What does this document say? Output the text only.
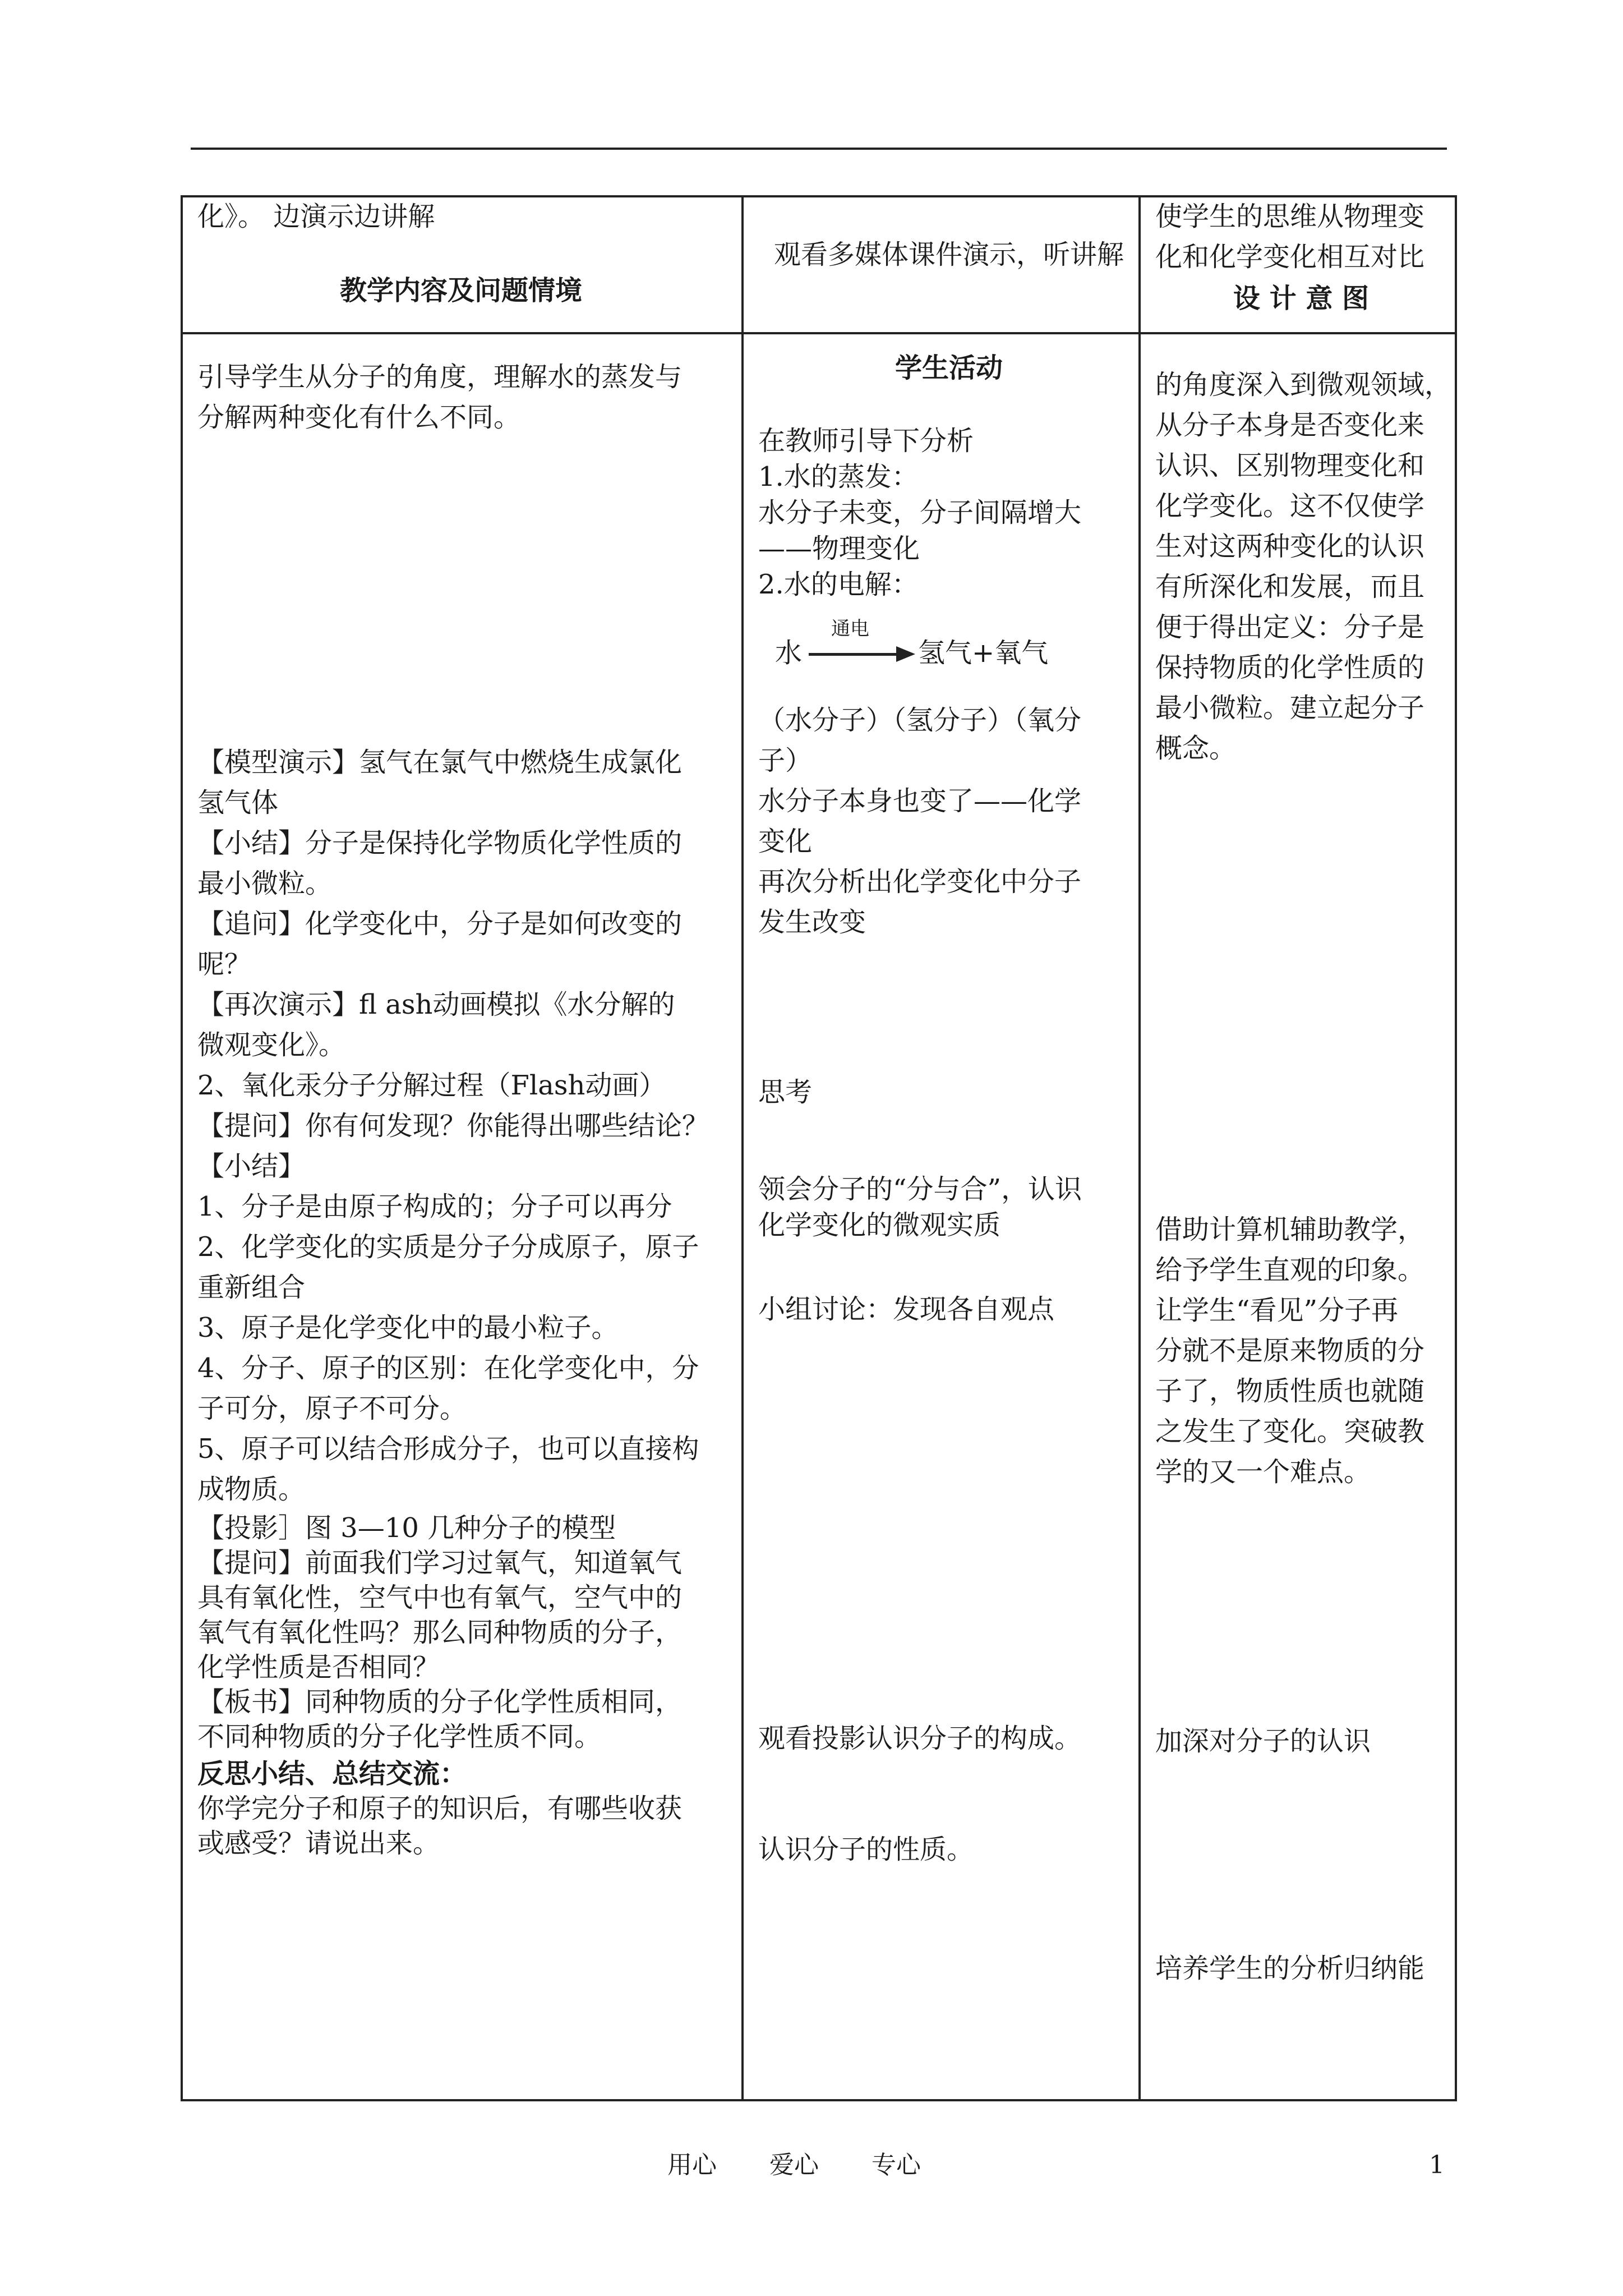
化》。 边演示边讲解
教学内容及问题情境
观看多媒体课件演示，听讲解
使学生的思维从物理变
化和化学变化相互对比
设 计 意 图
引导学生从分子的角度，理解水的蒸发与
分解两种变化有什么不同。
【模型演示】氢气在氯气中燃烧生成氯化
氢气体
【小结】分子是保持化学物质化学性质的
最小微粒。
【追问】化学变化中，分子是如何改变的
呢？
【再次演示】fl ash动画模拟《水分解的
微观变化》。
2、氧化汞分子分解过程（Flash动画）
【提问】你有何发现？你能得出哪些结论？
【小结】
1、分子是由原子构成的；分子可以再分
2、化学变化的实质是分子分成原子，原子
重新组合
3、原子是化学变化中的最小粒子。
4、分子、原子的区别：在化学变化中，分
子可分，原子不可分。
5、原子可以结合形成分子，也可以直接构
成物质。
【投影］图 3—10 几种分子的模型
【提问】前面我们学习过氧气，知道氧气
具有氧化性，空气中也有氧气，空气中的
氧气有氧化性吗？那么同种物质的分子，
化学性质是否相同？
【板书】同种物质的分子化学性质相同，
不同种物质的分子化学性质不同。
反思小结、总结交流：
你学完分子和原子的知识后，有哪些收获
或感受？请说出来。
学生活动
在教师引导下分析
1.水的蒸发：
水分子未变，分子间隔增大
——物理变化
2.水的电解：
水
通电
氢气+氧气
（水分子）（氢分子）（氧分
子）
水分子本身也变了——化学
变化
再次分析出化学变化中分子
发生改变
思考
领会分子的“分与合”，认识
化学变化的微观实质
小组讨论：发现各自观点
观看投影认识分子的构成。
认识分子的性质。
的角度深入到微观领域，
从分子本身是否变化来
认识、区别物理变化和
化学变化。这不仅使学
生对这两种变化的认识
有所深化和发展，而且
便于得出定义：分子是
保持物质的化学性质的
最小微粒。建立起分子
概念。
借助计算机辅助教学，
给予学生直观的印象。
让学生“看见”分子再
分就不是原来物质的分
子了，物质性质也就随
之发生了变化。突破教
学的又一个难点。
加深对分子的认识
培养学生的分析归纳能
用心 爱心 专心	1
